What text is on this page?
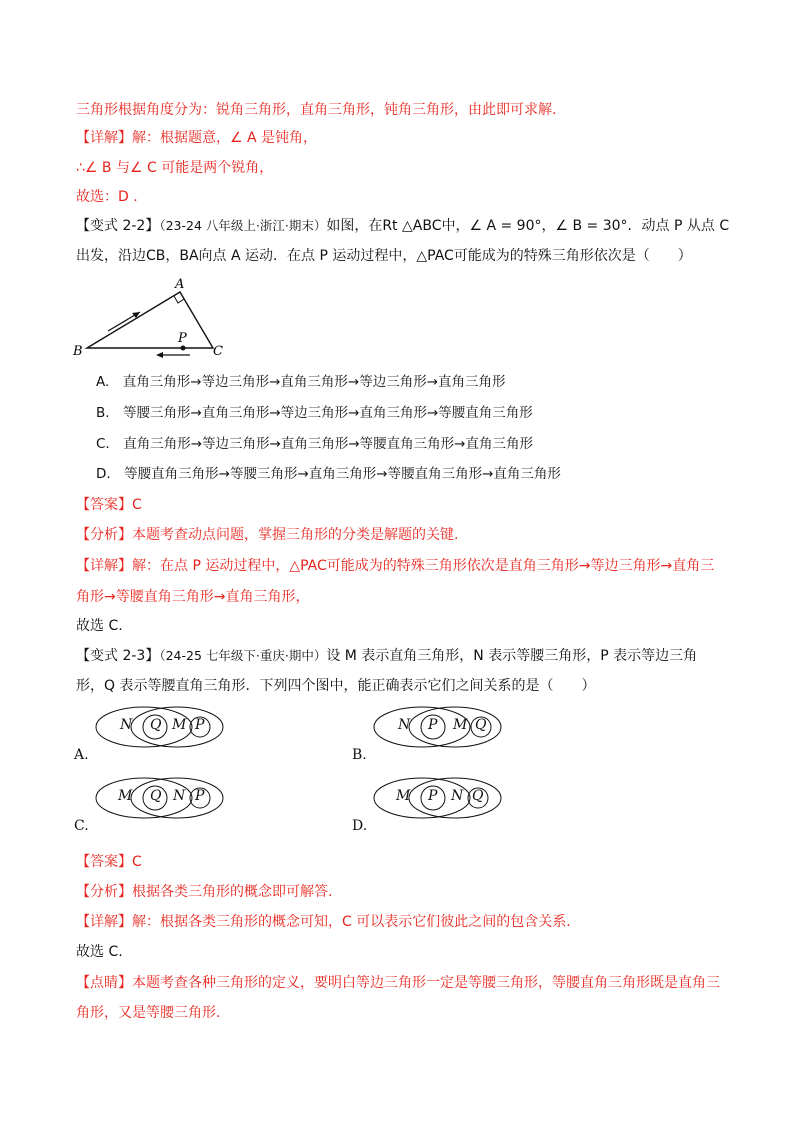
三角形根据角度分为：锐角三角形，直角三角形，钝角三角形，由此即可求解.
【详解】解：根据题意，∠ A 是钝角，
∴∠ B 与∠ C 可能是两个锐角，
故选：D .
【变式 2-2】（23-24 八年级上·浙江·期末）如图，在Rt △ABC中，∠ A = 90°，∠ B = 30°．动点 P 从点 C
出发，沿边CB，BA向点 A 运动．在点 P 运动过程中，△PAC可能成为的特殊三角形依次是（　　）
A
B	C
P
A.　直角三角形→等边三角形→直角三角形→等边三角形→直角三角形
B.　等腰三角形→直角三角形→等边三角形→直角三角形→等腰直角三角形
C.　直角三角形→等边三角形→直角三角形→等腰直角三角形→直角三角形
D.　等腰直角三角形→等腰三角形→直角三角形→等腰直角三角形→直角三角形
【答案】C
【分析】本题考查动点问题，掌握三角形的分类是解题的关键.
【详解】解：在点 P 运动过程中，△PAC可能成为的特殊三角形依次是直角三角形→等边三角形→直角三
角形→等腰直角三角形→直角三角形，
故选 C.
【变式 2-3】（24-25 七年级下·重庆·期中）设 M 表示直角三角形，N 表示等腰三角形，P 表示等边三角
形，Q 表示等腰直角三角形．下列四个图中，能正确表示它们之间关系的是（　　）
N Q M P
A.
N P M Q
B.
M Q N P
C.
M P N Q
D.
【答案】C
【分析】根据各类三角形的概念即可解答.
【详解】解：根据各类三角形的概念可知，C 可以表示它们彼此之间的包含关系.
故选 C.
【点睛】本题考查各种三角形的定义，要明白等边三角形一定是等腰三角形，等腰直角三角形既是直角三
角形，又是等腰三角形.
